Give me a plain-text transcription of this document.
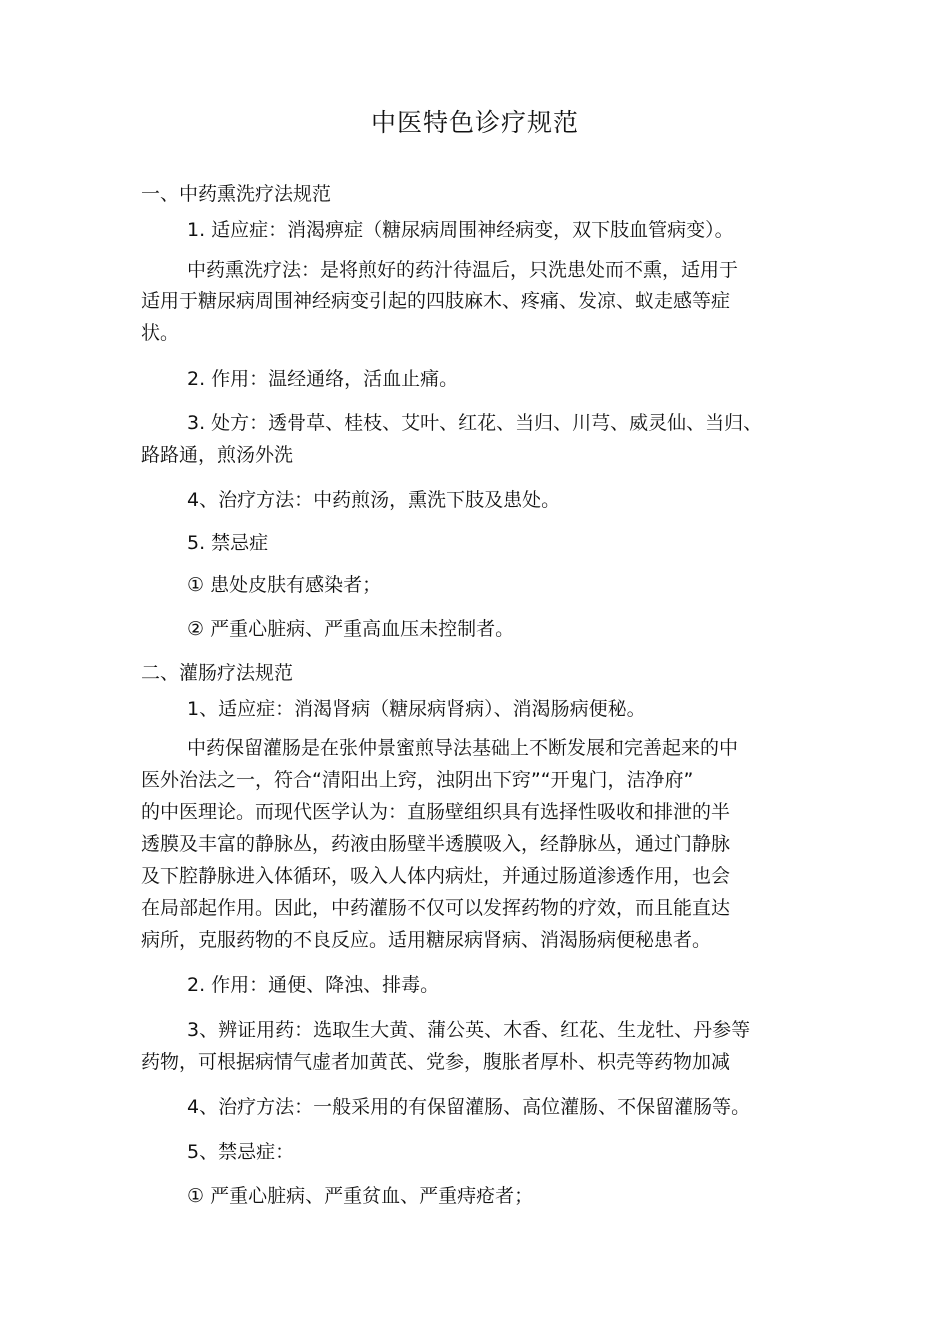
中医特色诊疗规范
一、中药熏洗疗法规范
1. 适应症：消渴痹症（糖尿病周围神经病变，双下肢血管病变）。
中药熏洗疗法：是将煎好的药汁待温后，只洗患处而不熏，适用于
适用于糖尿病周围神经病变引起的四肢麻木、疼痛、发凉、蚁走感等症
状。
2. 作用：温经通络，活血止痛。
3. 处方：透骨草、桂枝、艾叶、红花、当归、川芎、威灵仙、当归、
路路通，煎汤外洗
4、治疗方法：中药煎汤，熏洗下肢及患处。
5. 禁忌症
① 患处皮肤有感染者；
② 严重心脏病、严重高血压未控制者。
二、灌肠疗法规范
1、适应症：消渴肾病（糖尿病肾病）、消渴肠病便秘。
中药保留灌肠是在张仲景蜜煎导法基础上不断发展和完善起来的中
医外治法之一，符合“清阳出上窍，浊阴出下窍”“开鬼门，洁净府”
的中医理论。而现代医学认为：直肠壁组织具有选择性吸收和排泄的半
透膜及丰富的静脉丛，药液由肠壁半透膜吸入，经静脉丛，通过门静脉
及下腔静脉进入体循环，吸入人体内病灶，并通过肠道渗透作用，也会
在局部起作用。因此，中药灌肠不仅可以发挥药物的疗效，而且能直达
病所，克服药物的不良反应。适用糖尿病肾病、消渴肠病便秘患者。
2. 作用：通便、降浊、排毒。
3、辨证用药：选取生大黄、蒲公英、木香、红花、生龙牡、丹参等
药物，可根据病情气虚者加黄芪、党参，腹胀者厚朴、枳壳等药物加减
4、治疗方法：一般采用的有保留灌肠、高位灌肠、不保留灌肠等。
5、禁忌症：
① 严重心脏病、严重贫血、严重痔疮者；
